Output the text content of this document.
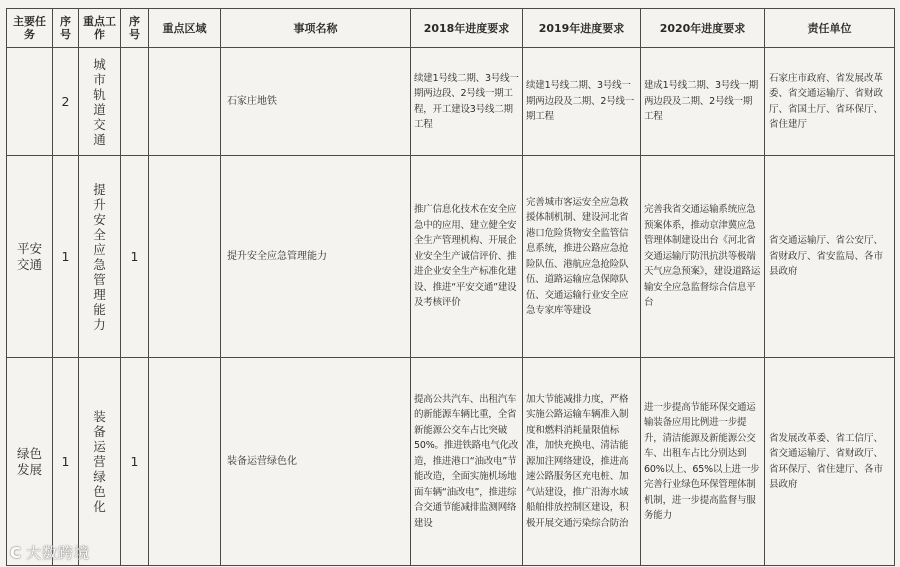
主要任务	序号	重点工作	序号	重点区域	事项名称	2018年进度要求	2019年进度要求	2020年进度要求	责任单位
	2	城市轨道交通			石家庄地铁	续建1号线二期、3号线一期两边段、2号线一期工程，开工建设3号线二期工程	续建1号线二期、3号线一期两边段及二期、2号线一期工程	建成1号线二期、3号线一期两边段及二期、2号线一期工程	石家庄市政府、省发展改革委、省交通运输厅、省财政厅、省国土厅、省环保厅、省住建厅
平安交通	1	提升安全应急管理能力	1		提升安全应急管理能力	推广信息化技术在安全应急中的应用、建立健全安全生产管理机构、开展企业安全生产诚信评价、推进企业安全生产标准化建设、推进“平安交通”建设及考核评价	完善城市客运安全应急救援体制机制、建设河北省港口危险货物安全监管信息系统，推进公路应急抢险队伍、港航应急抢险队伍、道路运输应急保障队伍、交通运输行业安全应急专家库等建设	完善我省交通运输系统应急预案体系，推动京津冀应急管理体制建设出台《河北省交通运输厅防汛抗洪等极端天气应急预案》，建设道路运输安全应急监督综合信息平台	省交通运输厅、省公安厅、省财政厅、省安监局、各市县政府
绿色发展	1	装备运营绿色化	1		装备运营绿色化	提高公共汽车、出租汽车的新能源车辆比重，全省新能源公交车占比突破50%。推进铁路电气化改造，推进港口“油改电”节能改造，全面实施机场地面车辆“油改电”，推进综合交通节能减排监测网络建设	加大节能减排力度，严格实施公路运输车辆准入制度和燃料消耗量限值标准，加快充换电、清洁能源加注网络建设，推进高速公路服务区充电桩、加气站建设，推广沿海水域船舶排放控制区建设，积极开展交通污染综合防治	进一步提高节能环保交通运输装备应用比例进一步提升，清洁能源及新能源公交车、出租车占比分别达到60%以上、65%以上进一步完善行业绿色环保管理体制机制，进一步提高监督与服务能力	省发展改革委、省工信厅、省交通运输厅、省财政厅、省环保厅、省住建厅、各市县政府
C 大数跨境
